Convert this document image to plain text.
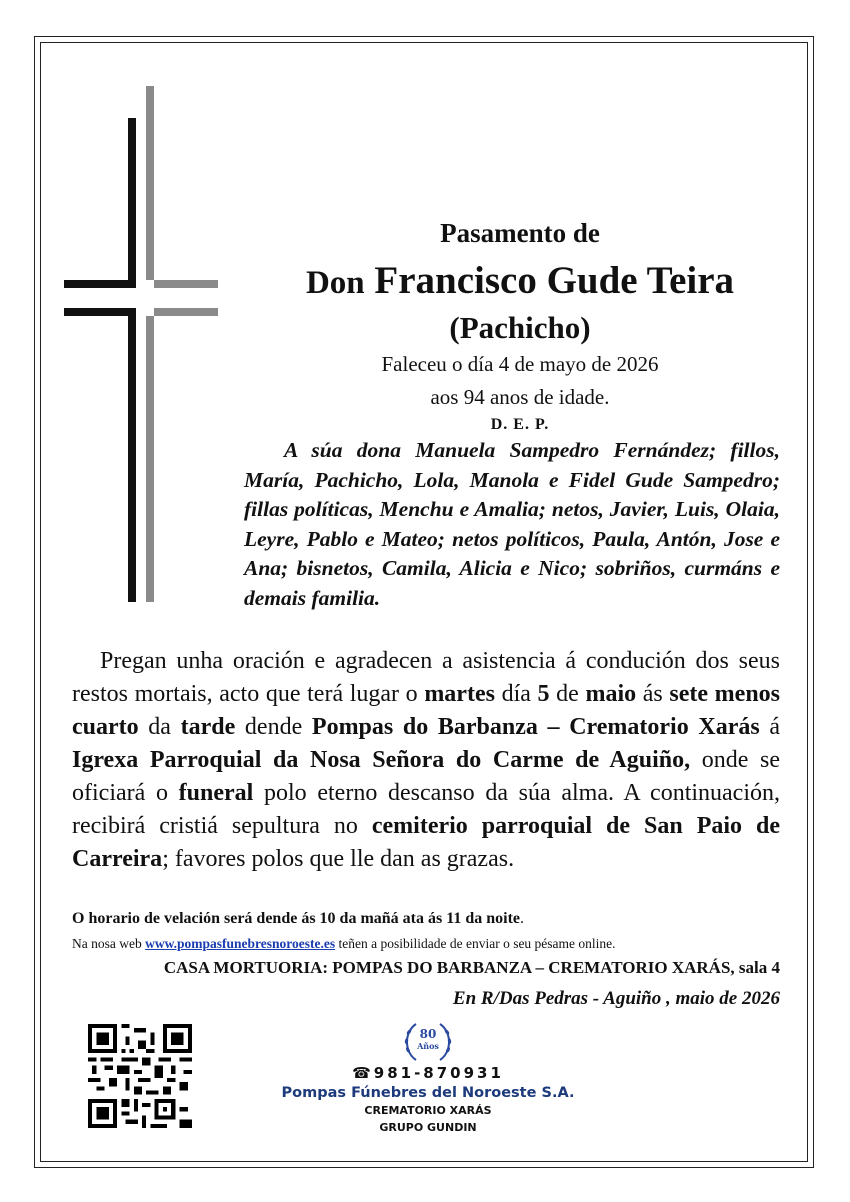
Pasamento de
Don Francisco Gude Teira
(Pachicho)
Faleceu o día 4 de mayo de 2026
aos 94 anos de idade.
D. E. P.
A súa dona Manuela Sampedro Fernández; fillos, María, Pachicho, Lola, Manola e Fidel Gude Sampedro; fillas políticas, Menchu e Amalia; netos, Javier, Luis, Olaia, Leyre, Pablo e Mateo; netos políticos, Paula, Antón, Jose e Ana; bisnetos, Camila, Alicia e Nico; sobriños, curmáns e demais familia.
Pregan unha oración e agradecen a asistencia á condución dos seus restos mortais, acto que terá lugar o martes día 5 de maio ás sete menos cuarto da tarde dende Pompas do Barbanza – Crematorio Xarás á Igrexa Parroquial da Nosa Señora do Carme de Aguiño, onde se oficiará o funeral polo eterno descanso da súa alma. A continuación, recibirá cristiá sepultura no cemiterio parroquial de San Paio de Carreira; favores polos que lle dan as grazas.
O horario de velación será dende ás 10 da mañá ata ás 11 da noite.
Na nosa web www.pompasfunebresnoroeste.es teñen a posibilidade de enviar o seu pésame online.
CASA MORTUORIA: POMPAS DO BARBANZA – CREMATORIO XARÁS, sala 4
En R/Das Pedras - Aguiño , maio de 2026
80
Años
☎981-870931
Pompas Fúnebres del Noroeste S.A.
CREMATORIO XARÁS
GRUPO GUNDIN
